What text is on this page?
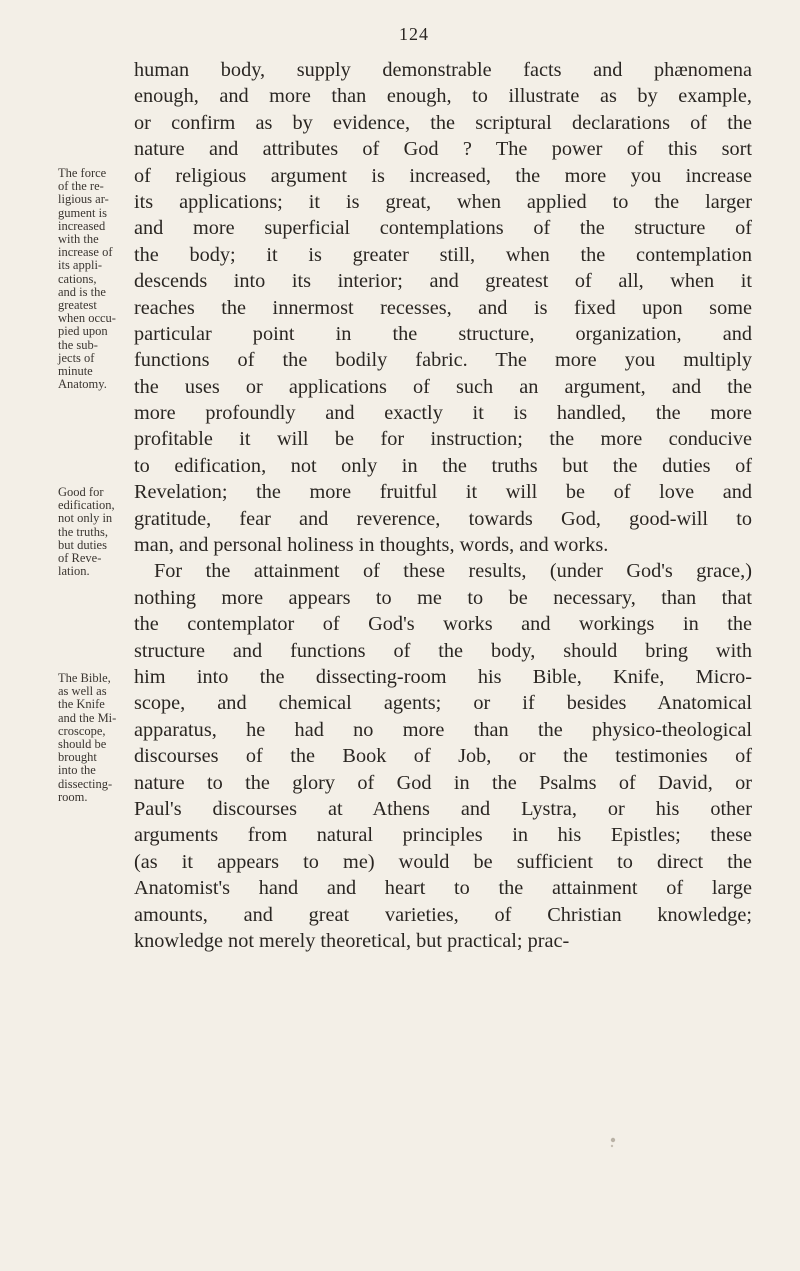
124
human body, supply demonstrable facts and phænomena
enough, and more than enough, to illustrate as by example,
or confirm as by evidence, the scriptural declarations of the
nature and attributes of God ? The power of this sort
of religious argument is increased, the more you increase
its applications; it is great, when applied to the larger
and more superficial contemplations of the structure of
the body; it is greater still, when the contemplation
descends into its interior; and greatest of all, when it
reaches the innermost recesses, and is fixed upon some
particular point in the structure, organization, and
functions of the bodily fabric. The more you multiply
the uses or applications of such an argument, and the
more profoundly and exactly it is handled, the more
profitable it will be for instruction; the more conducive
to edification, not only in the truths but the duties of
Revelation; the more fruitful it will be of love and
gratitude, fear and reverence, towards God, good-will to
man, and personal holiness in thoughts, words, and works.
For the attainment of these results, (under God's grace,)
nothing more appears to me to be necessary, than that
the contemplator of God's works and workings in the
structure and functions of the body, should bring with
him into the dissecting-room his Bible, Knife, Micro-
scope, and chemical agents; or if besides Anatomical
apparatus, he had no more than the physico-theological
discourses of the Book of Job, or the testimonies of
nature to the glory of God in the Psalms of David, or
Paul's discourses at Athens and Lystra, or his other
arguments from natural principles in his Epistles; these
(as it appears to me) would be sufficient to direct the
Anatomist's hand and heart to the attainment of large
amounts, and great varieties, of Christian knowledge;
knowledge not merely theoretical, but practical; prac-
The force
of the re-
ligious ar-
gument is
increased
with the
increase of
its appli-
cations,
and is the
greatest
when occu-
pied upon
the sub-
jects of
minute
Anatomy.
Good for
edification,
not only in
the truths,
but duties
of Reve-
lation.
The Bible,
as well as
the Knife
and the Mi-
croscope,
should be
brought
into the
dissecting-
room.
